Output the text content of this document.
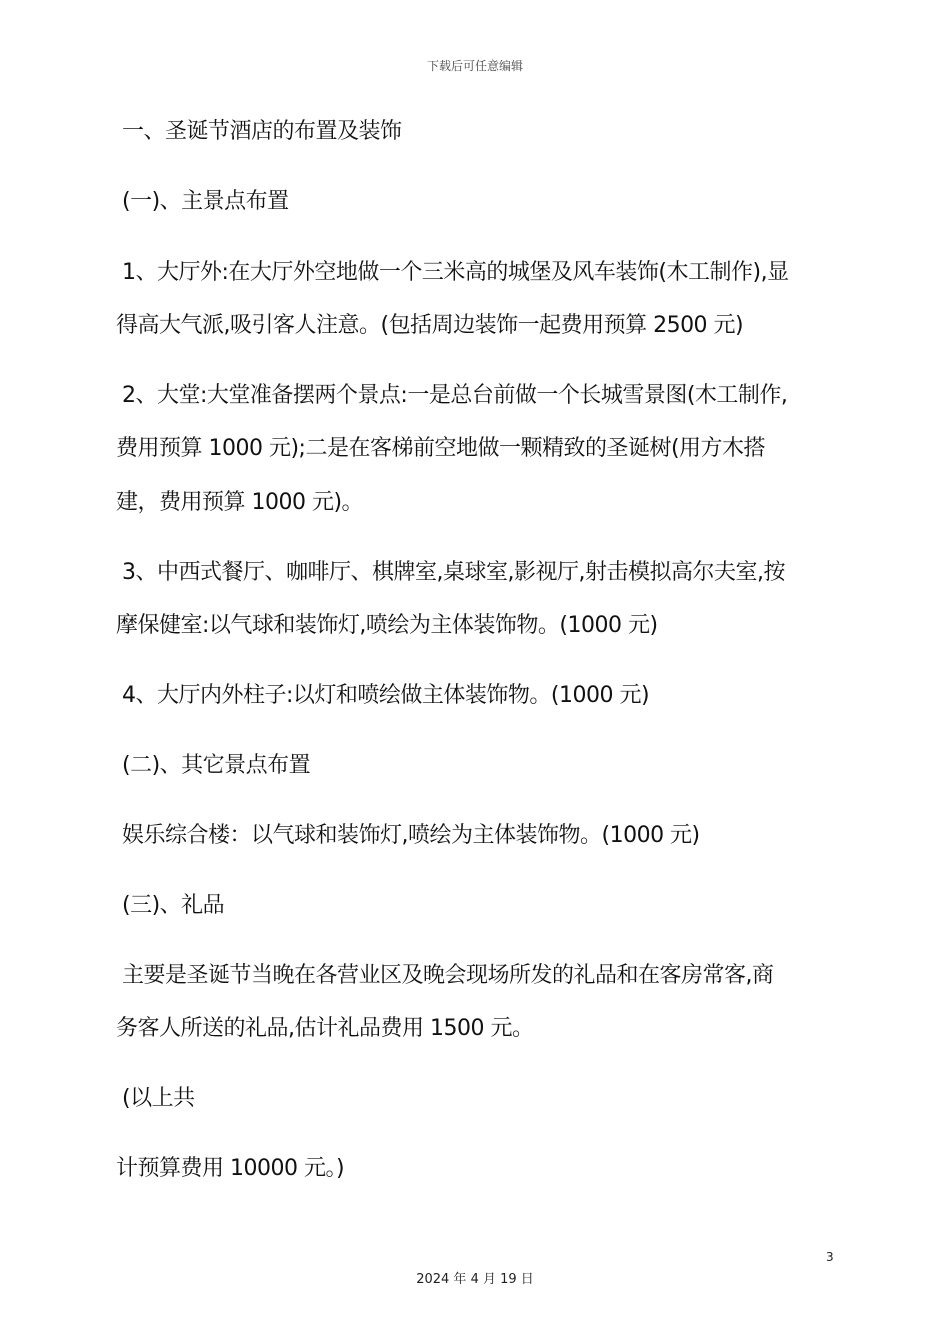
下载后可任意编辑
一、圣诞节酒店的布置及装饰
(一)、主景点布置
1、大厅外:在大厅外空地做一个三米高的城堡及风车装饰(木工制作),显
得高大气派,吸引客人注意。(包括周边装饰一起费用预算 2500 元)
2、大堂:大堂准备摆两个景点:一是总台前做一个长城雪景图(木工制作,
费用预算 1000 元);二是在客梯前空地做一颗精致的圣诞树(用方木搭
建，费用预算 1000 元)。
3、中西式餐厅、咖啡厅、棋牌室,桌球室,影视厅,射击模拟高尔夫室,按
摩保健室:以气球和装饰灯,喷绘为主体装饰物。(1000 元)
4、大厅内外柱子:以灯和喷绘做主体装饰物。(1000 元)
(二)、其它景点布置
娱乐综合楼：以气球和装饰灯,喷绘为主体装饰物。(1000 元)
(三)、礼品
主要是圣诞节当晚在各营业区及晚会现场所发的礼品和在客房常客,商
务客人所送的礼品,估计礼品费用 1500 元。
(以上共
计预算费用 10000 元。)
3
2024 年 4 月 19 日
